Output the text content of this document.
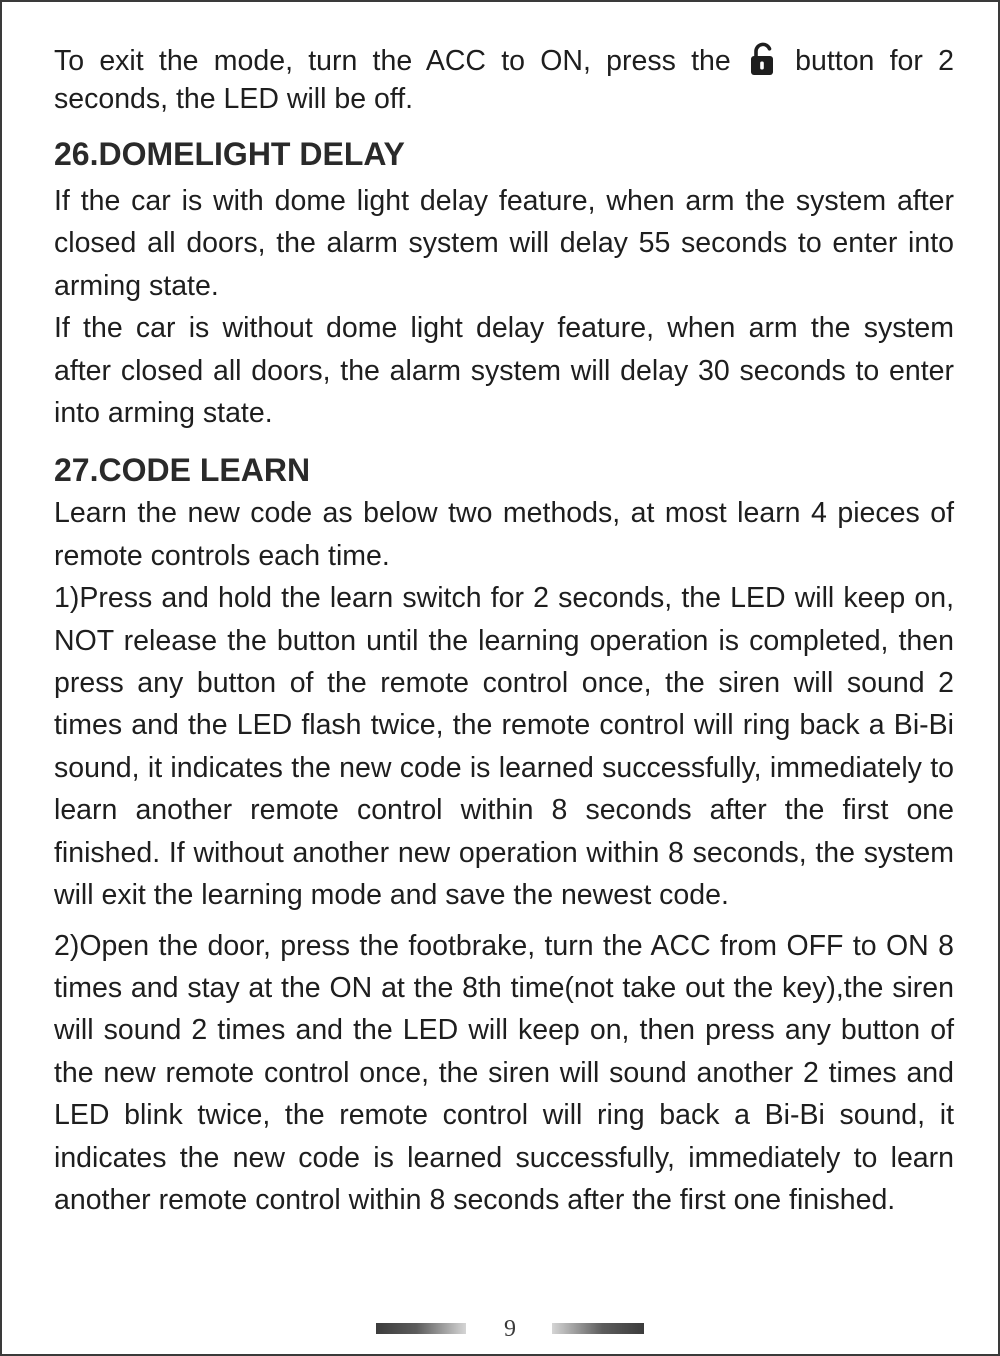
To exit the mode, turn the ACC to ON, press the
button for 2 seconds, the LED will be off.

26.DOMELIGHT DELAY

If the car is with dome light delay feature, when arm the system after closed all doors, the alarm system will delay 55 seconds to enter into arming state.

If the car is without dome light delay feature, when arm the system after closed all doors, the alarm system will delay 30 seconds to enter into arming state.

27.CODE LEARN

Learn the new code as below two methods, at most learn 4 pieces of remote controls each time.

1)Press and hold the learn switch for 2 seconds, the LED will keep on, NOT release the button until the learning operation is completed, then press any button of the remote control once, the siren will sound 2 times and the LED flash twice, the remote control will ring back a Bi-Bi sound, it indicates the new code is learned successfully, immediately to learn another remote control within 8 seconds after the first one finished. If without another new operation within 8 seconds, the system will exit the learning mode and save the newest code.

2)Open the door, press the footbrake, turn the ACC from OFF to ON 8 times and stay at the ON at the 8th time(not take out the key),the siren will sound 2 times and the LED will keep on, then press any button of the new remote control once, the siren will sound another 2 times and LED blink twice, the remote control will ring back a Bi-Bi sound, it indicates the new code is learned successfully, immediately to learn another remote control within 8 seconds after the first one finished.

9
